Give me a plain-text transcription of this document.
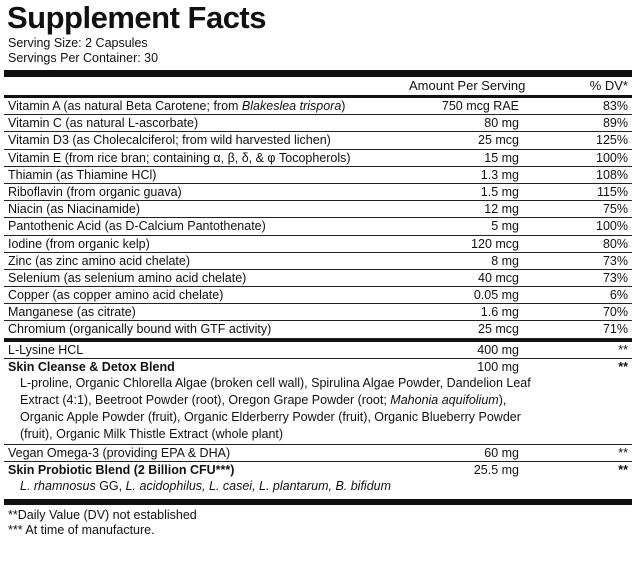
Supplement Facts
Serving Size: 2 Capsules
Servings Per Container: 30
Amount Per Serving	% DV*
Vitamin A (as natural Beta Carotene; from Blakeslea trispora)	750 mcg RAE	83%
Vitamin C (as natural L-ascorbate)	80 mg	89%
Vitamin D3 (as Cholecalciferol; from wild harvested lichen)	25 mcg	125%
Vitamin E (from rice bran; containing α, β, δ, & φ Tocopherols)	15 mg	100%
Thiamin (as Thiamine HCl)	1.3 mg	108%
Riboflavin (from organic guava)	1.5 mg	115%
Niacin (as Niacinamide)	12 mg	75%
Pantothenic Acid (as D-Calcium Pantothenate)	5 mg	100%
Iodine (from organic kelp)	120 mcg	80%
Zinc (as zinc amino acid chelate)	8 mg	73%
Selenium (as selenium amino acid chelate)	40 mcg	73%
Copper (as copper amino acid chelate)	0.05 mg	6%
Manganese (as citrate)	1.6 mg	70%
Chromium (organically bound with GTF activity)	25 mcg	71%
L-Lysine HCL	400 mg	**
Skin Cleanse & Detox Blend	100 mg	**
L-proline, Organic Chlorella Algae (broken cell wall), Spirulina Algae Powder, Dandelion Leaf Extract (4:1), Beetroot Powder (root), Oregon Grape Powder (root; Mahonia aquifolium), Organic Apple Powder (fruit), Organic Elderberry Powder (fruit), Organic Blueberry Powder (fruit), Organic Milk Thistle Extract (whole plant)
Vegan Omega-3 (providing EPA & DHA)	60 mg	**
Skin Probiotic Blend (2 Billion CFU***)	25.5 mg	**
L. rhamnosus GG, L. acidophilus, L. casei, L. plantarum, B. bifidum
**Daily Value (DV) not established
*** At time of manufacture.
